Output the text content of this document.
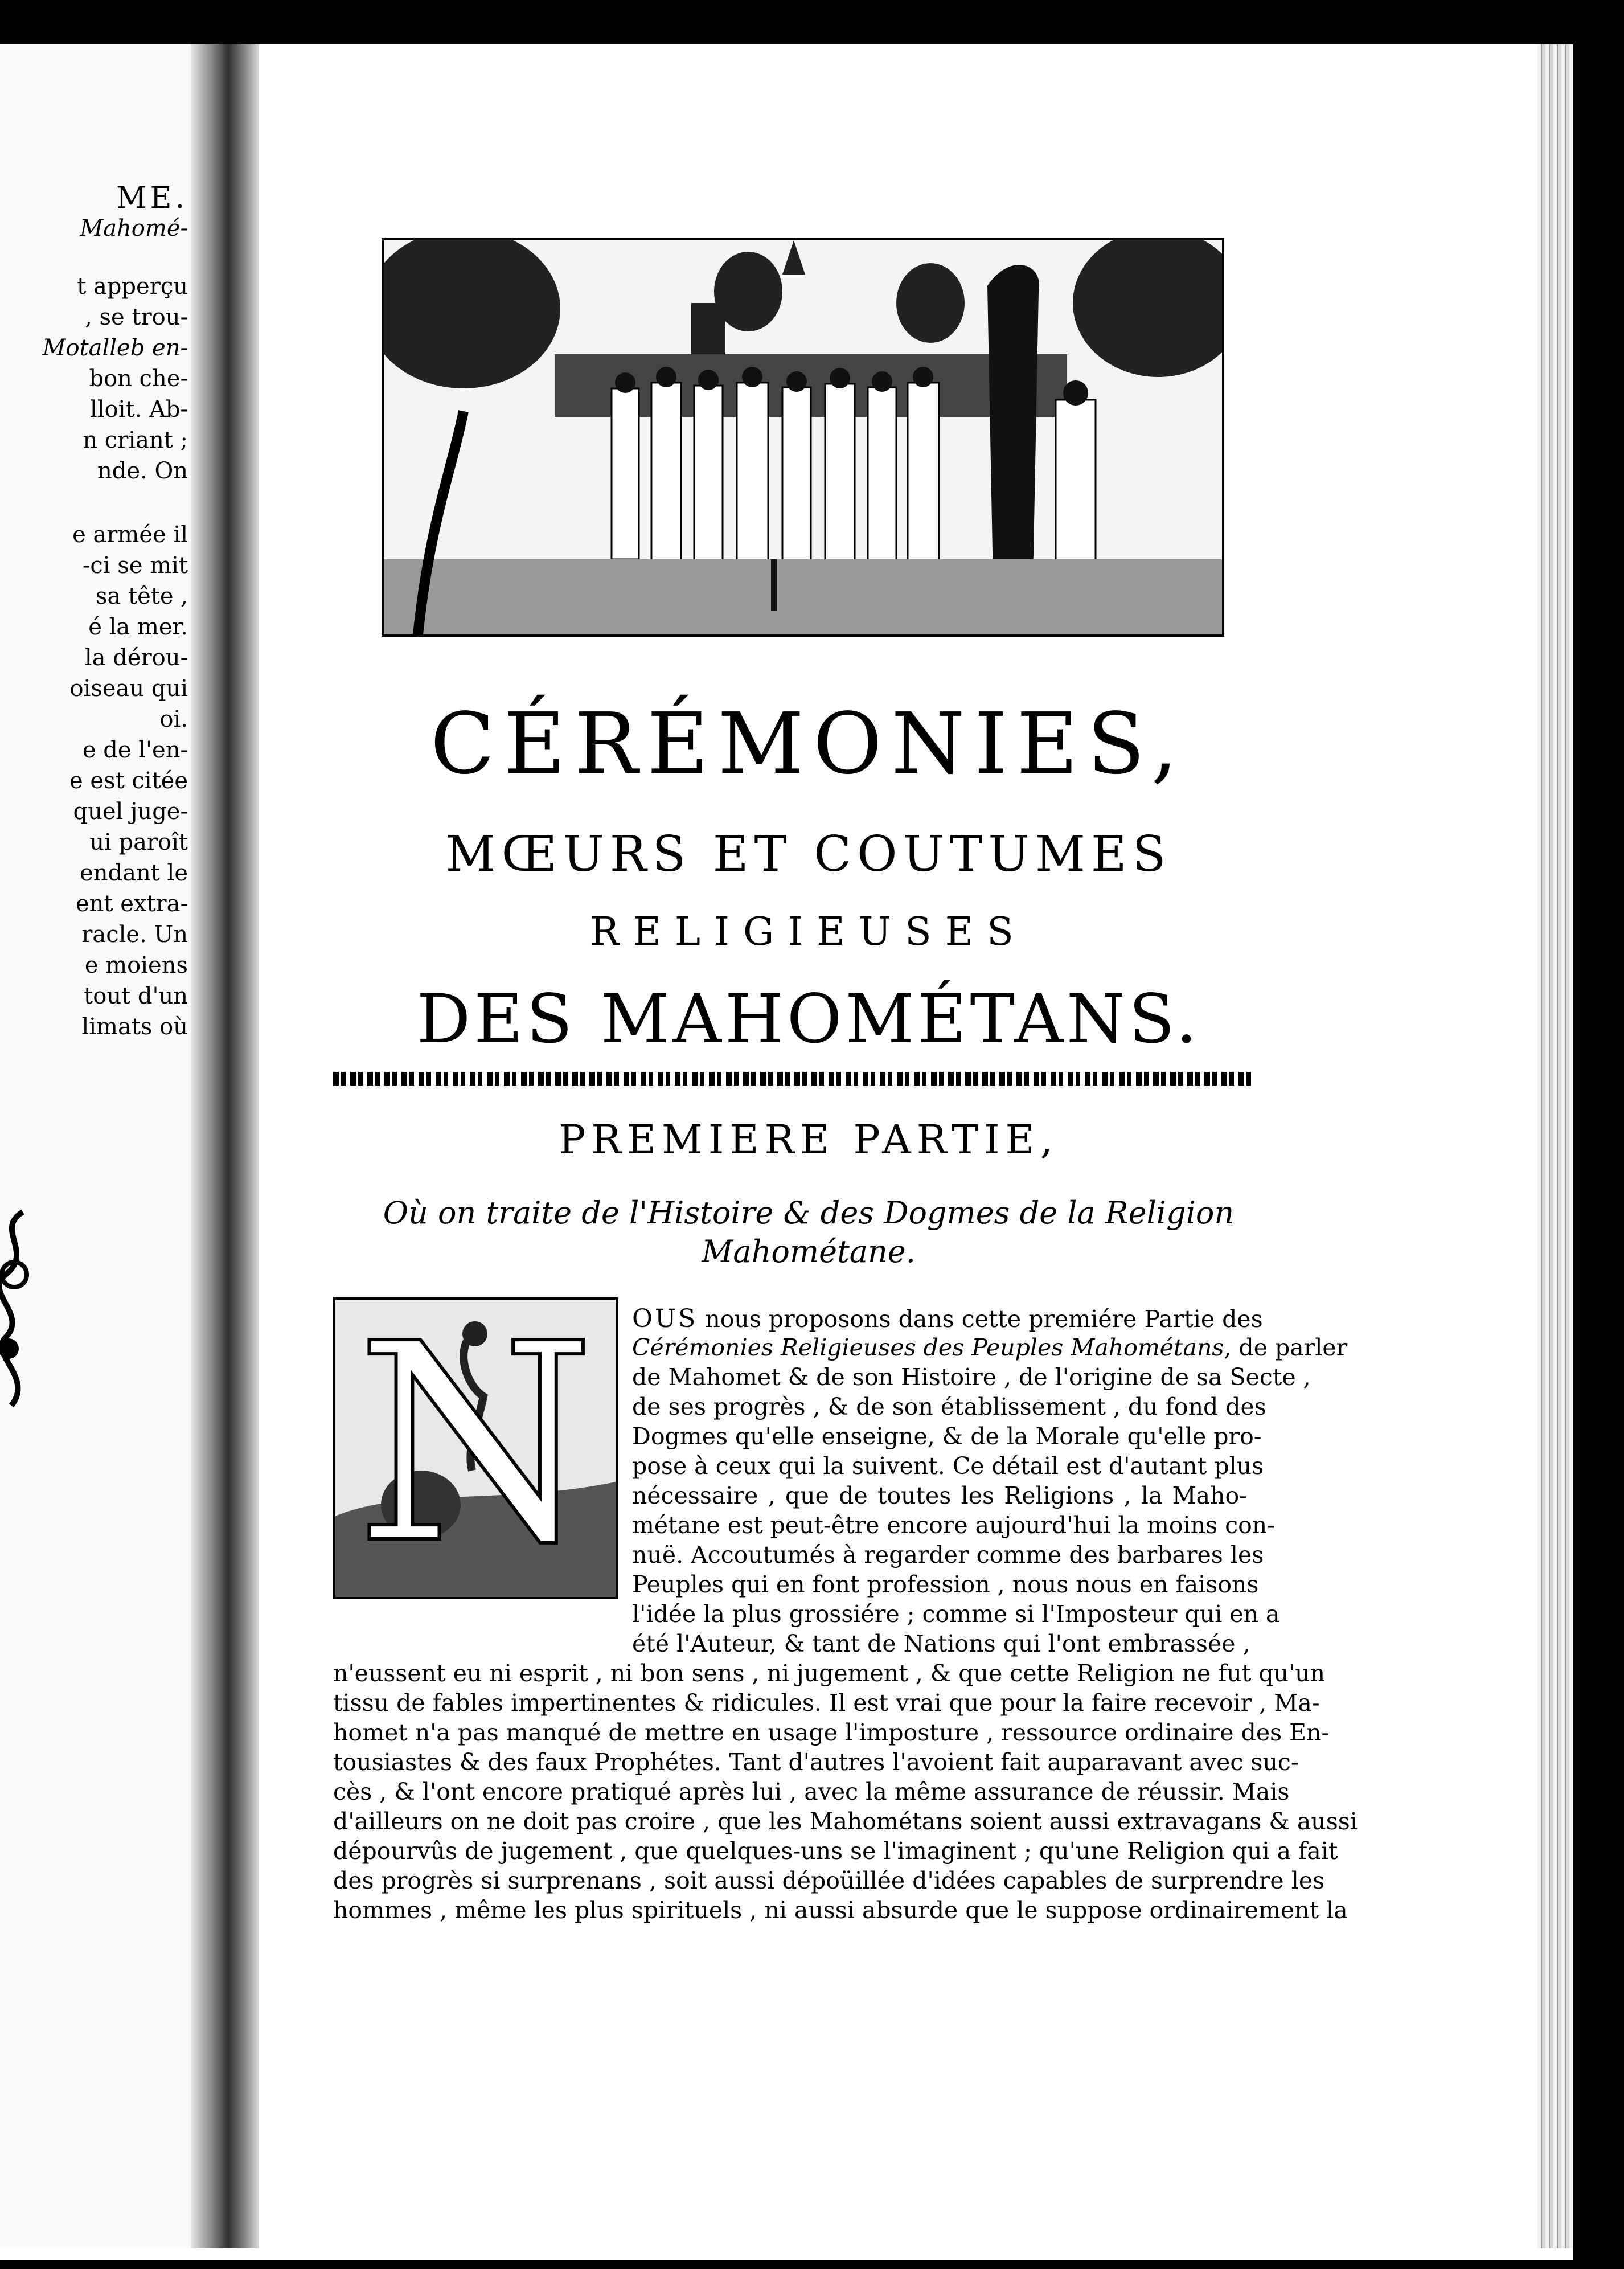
ME.
Mahomé-
t apperçu
, se trou-
Motalleb en-
bon che-
lloit. Ab-
n criant ;
nde. On
e armée il
-ci se mit
sa tête ,
é la mer.
la dérou-
oiseau qui
oi.
e de l'en-
e est citée
quel juge-
ui paroît
endant le
ent extra-
racle. Un
e moiens
tout d'un
limats où
CÉRÉMONIES,
MŒURS ET COUTUMES
RELIGIEUSES
DES MAHOMÉTANS.
PREMIERE PARTIE,
Où on traite de l'Histoire & des Dogmes de la Religion
Mahométane.
N OUS nous proposons dans cette premiére Partie des
Cérémonies Religieuses des Peuples Mahométans, de parler
de Mahomet & de son Histoire , de l'origine de sa Secte ,
de ses progrès , & de son établissement , du fond des
Dogmes qu'elle enseigne, & de la Morale qu'elle pro-
pose à ceux qui la suivent. Ce détail est d'autant plus
nécessaire , que de toutes les Religions , la Maho-
métane est peut-être encore aujourd'hui la moins con-
nuë. Accoutumés à regarder comme des barbares les
Peuples qui en font profession , nous nous en faisons
l'idée la plus grossiére ; comme si l'Imposteur qui en a
été l'Auteur, & tant de Nations qui l'ont embrassée ,
n'eussent eu ni esprit , ni bon sens , ni jugement , & que cette Religion ne fut qu'un
tissu de fables impertinentes & ridicules. Il est vrai que pour la faire recevoir , Ma-
homet n'a pas manqué de mettre en usage l'imposture , ressource ordinaire des En-
tousiastes & des faux Prophétes. Tant d'autres l'avoient fait auparavant avec suc-
cès , & l'ont encore pratiqué après lui , avec la même assurance de réussir. Mais
d'ailleurs on ne doit pas croire , que les Mahométans soient aussi extravagans & aussi
dépourvûs de jugement , que quelques-uns se l'imaginent ; qu'une Religion qui a fait
des progrès si surprenans , soit aussi dépoüillée d'idées capables de surprendre les
hommes , même les plus spirituels , ni aussi absurde que le suppose ordinairement la
